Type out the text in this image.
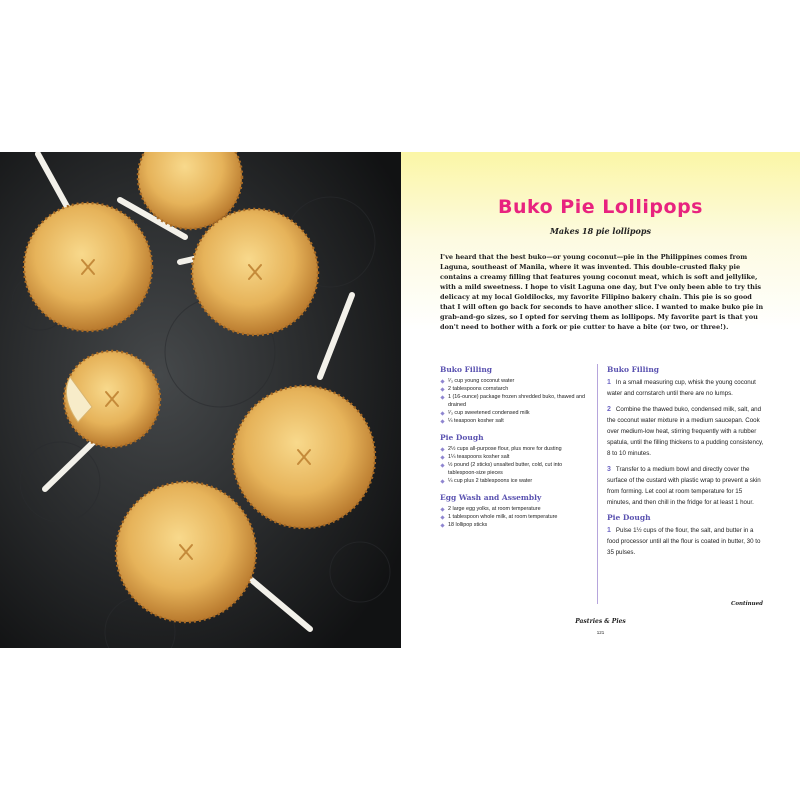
Buko Pie Lollipops
Makes 18 pie lollipops

I've heard that the best buko—or young coconut—pie in the Philippines comes from Laguna, southeast of Manila, where it was invented. This double-crusted flaky pie contains a creamy filling that features young coconut meat, which is soft and jellylike, with a mild sweetness. I hope to visit Laguna one day, but I've only been able to try this delicacy at my local Goldilocks, my favorite Filipino bakery chain. This pie is so good that I will often go back for seconds to have another slice. I wanted to make buko pie in grab-and-go sizes, so I opted for serving them as lollipops. My favorite part is that you don't need to bother with a fork or pie cutter to have a bite (or two, or three!).

Buko Filling
¹⁄₃ cup young coconut water
2 tablespoons cornstarch
1 (16-ounce) package frozen shredded buko, thawed and drained
¹⁄₃ cup sweetened condensed milk
¼ teaspoon kosher salt
Pie Dough
2½ cups all-purpose flour, plus more for dusting
1¼ teaspoons kosher salt
½ pound (2 sticks) unsalted butter, cold, cut into tablespoon-size pieces
¼ cup plus 2 tablespoons ice water
Egg Wash and Assembly
2 large egg yolks, at room temperature
1 tablespoon whole milk, at room temperature
18 lollipop sticks
Buko Filling

1 In a small measuring cup, whisk the young coconut water and cornstarch until there are no lumps.

2 Combine the thawed buko, condensed milk, salt, and the coconut water mixture in a medium saucepan. Cook over medium-low heat, stirring frequently with a rubber spatula, until the filling thickens to a pudding consistency, 8 to 10 minutes.

3 Transfer to a medium bowl and directly cover the surface of the custard with plastic wrap to prevent a skin from forming. Let cool at room temperature for 15 minutes, and then chill in the fridge for at least 1 hour.

Pie Dough

1 Pulse 1½ cups of the flour, the salt, and butter in a food processor until all the flour is coated in butter, 30 to 35 pulses.

Continued
Pastries & Pies
121
